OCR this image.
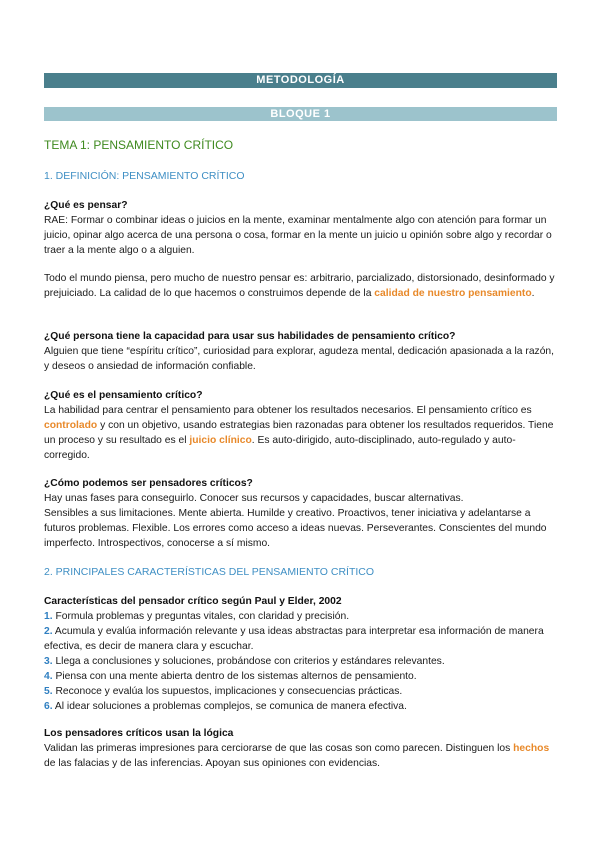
METODOLOGÍA
BLOQUE 1
TEMA 1: PENSAMIENTO CRÍTICO
1. DEFINICIÓN: PENSAMIENTO CRÍTICO

¿Qué es pensar?

RAE: Formar o combinar ideas o juicios en la mente, examinar mentalmente algo con atención para formar un juicio, opinar algo acerca de una persona o cosa, formar en la mente un juicio u opinión sobre algo y recordar o traer a la mente algo o a alguien.

Todo el mundo piensa, pero mucho de nuestro pensar es: arbitrario, parcializado, distorsionado, desinformado y prejuiciado. La calidad de lo que hacemos o construimos depende de la calidad de nuestro pensamiento.

¿Qué persona tiene la capacidad para usar sus habilidades de pensamiento crítico?

Alguien que tiene “espíritu crítico”, curiosidad para explorar, agudeza mental, dedicación apasionada a la razón, y deseos o ansiedad de información confiable.

¿Qué es el pensamiento crítico?

La habilidad para centrar el pensamiento para obtener los resultados necesarios. El pensamiento crítico es controlado y con un objetivo, usando estrategias bien razonadas para obtener los resultados requeridos. Tiene un proceso y su resultado es el juicio clínico. Es auto-dirigido, auto-disciplinado, auto-regulado y auto-corregido.

¿Cómo podemos ser pensadores críticos?

Hay unas fases para conseguirlo. Conocer sus recursos y capacidades, buscar alternativas.

Sensibles a sus limitaciones. Mente abierta. Humilde y creativo. Proactivos, tener iniciativa y adelantarse a futuros problemas. Flexible. Los errores como acceso a ideas nuevas. Perseverantes. Conscientes del mundo imperfecto. Introspectivos, conocerse a sí mismo.

2. PRINCIPALES CARACTERÍSTICAS DEL PENSAMIENTO CRÍTICO

Características del pensador crítico según Paul y Elder, 2002

1. Formula problemas y preguntas vitales, con claridad y precisión.

2. Acumula y evalúa información relevante y usa ideas abstractas para interpretar esa información de manera efectiva, es decir de manera clara y escuchar.

3. Llega a conclusiones y soluciones, probándose con criterios y estándares relevantes.

4. Piensa con una mente abierta dentro de los sistemas alternos de pensamiento.

5. Reconoce y evalúa los supuestos, implicaciones y consecuencias prácticas.

6. Al idear soluciones a problemas complejos, se comunica de manera efectiva.

Los pensadores críticos usan la lógica

Validan las primeras impresiones para cerciorarse de que las cosas son como parecen. Distinguen los hechos de las falacias y de las inferencias. Apoyan sus opiniones con evidencias.
